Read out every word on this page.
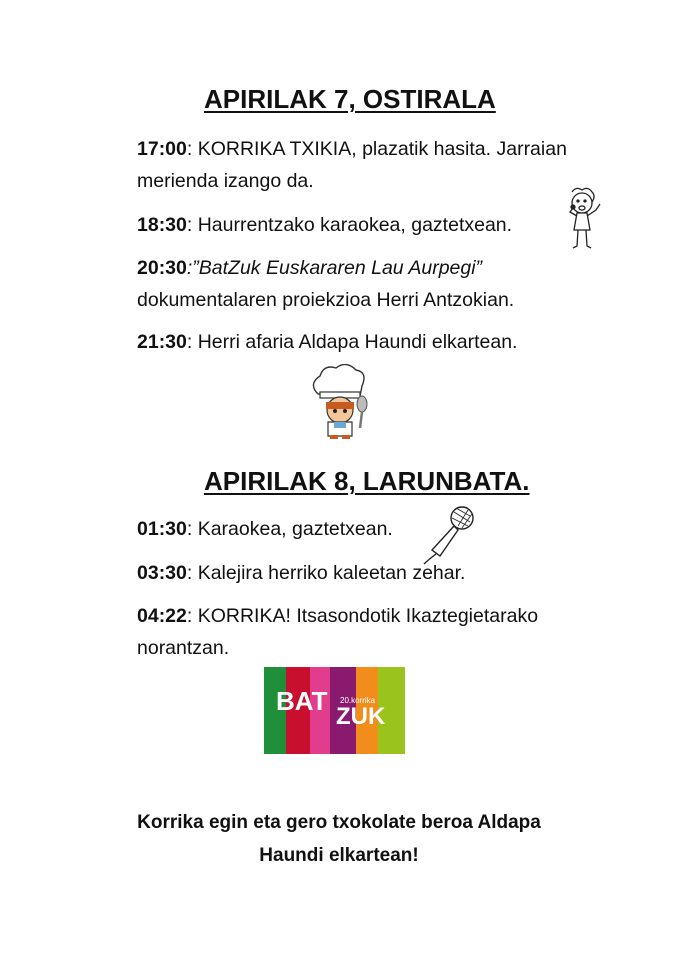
APIRILAK 7, OSTIRALA
17:00: KORRIKA TXIKIA, plazatik hasita. Jarraian merienda izango da.
18:30: Haurrentzako karaokea, gaztetxean.
20:30:”BatZuk Euskararen Lau Aurpegi” dokumentalaren proiekzioa Herri Antzokian.
21:30: Herri afaria Aldapa Haundi elkartean.
APIRILAK 8, LARUNBATA.
01:30: Karaokea, gaztetxean.
03:30: Kalejira herriko kaleetan zehar.
04:22: KORRIKA! Itsasondotik Ikaztegietarako norantzan.
BAT
ZUK
20.korrika
Korrika egin eta gero txokolate beroa Aldapa
Haundi elkartean!
